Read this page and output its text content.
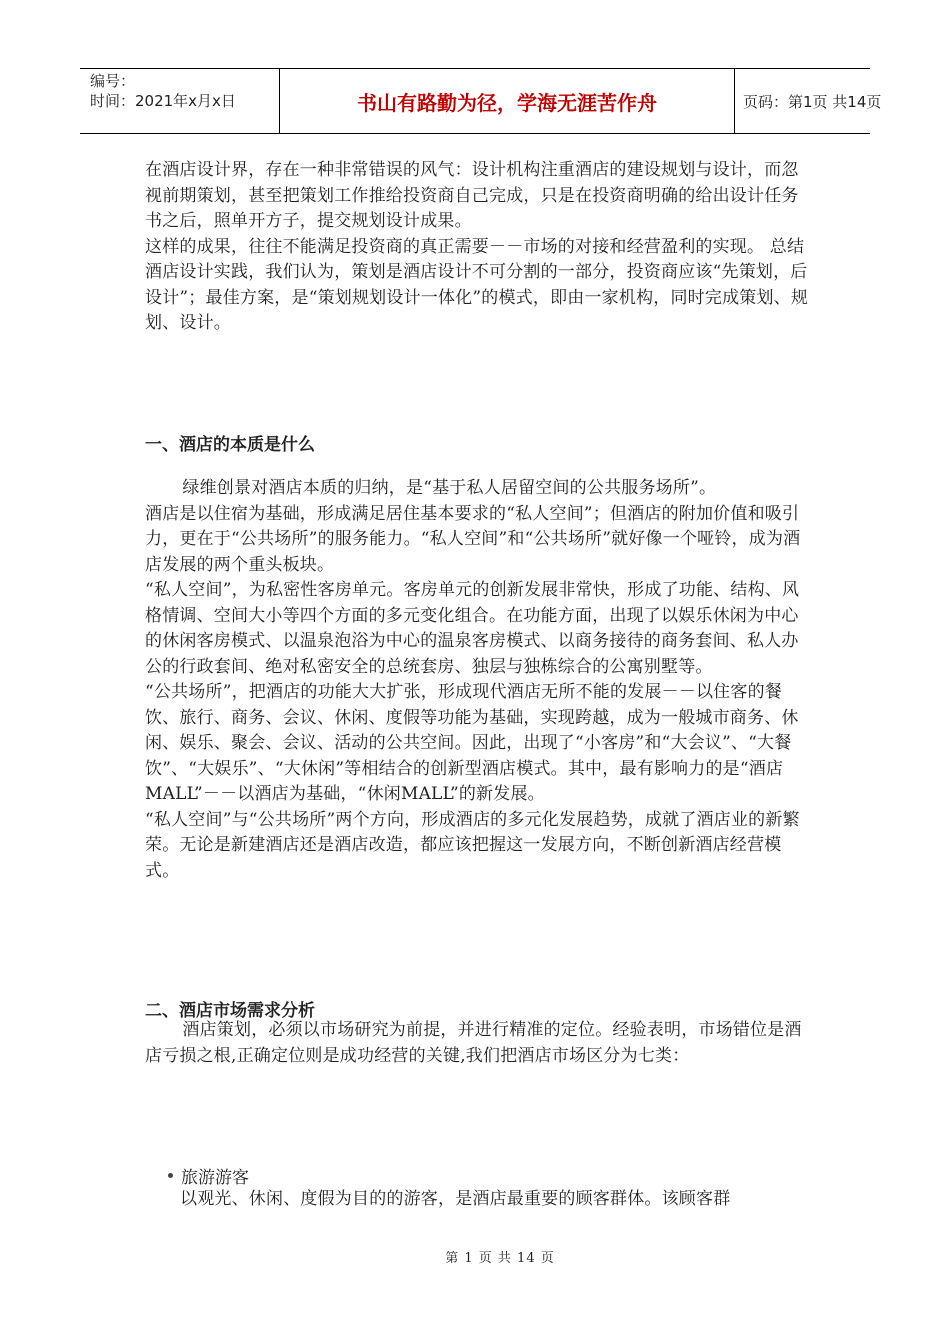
编号：
时间：2021年x月x日	书山有路勤为径，学海无涯苦作舟	页码：第1页 共14页

在酒店设计界，存在一种非常错误的风气：设计机构注重酒店的建设规划与设计，而忽视前期策划，甚至把策划工作推给投资商自己完成，只是在投资商明确的给出设计任务书之后，照单开方子，提交规划设计成果。

这样的成果，往往不能满足投资商的真正需要－－市场的对接和经营盈利的实现。 总结酒店设计实践，我们认为，策划是酒店设计不可分割的一部分，投资商应该“先策划，后设计”；最佳方案，是“策划规划设计一体化”的模式，即由一家机构，同时完成策划、规划、设计。

一、酒店的本质是什么

绿维创景对酒店本质的归纳，是“基于私人居留空间的公共服务场所”。

酒店是以住宿为基础，形成满足居住基本要求的“私人空间”；但酒店的附加价值和吸引力，更在于“公共场所”的服务能力。“私人空间”和“公共场所”就好像一个哑铃，成为酒店发展的两个重头板块。

“私人空间”，为私密性客房单元。客房单元的创新发展非常快，形成了功能、结构、风格情调、空间大小等四个方面的多元变化组合。在功能方面，出现了以娱乐休闲为中心的休闲客房模式、以温泉泡浴为中心的温泉客房模式、以商务接待的商务套间、私人办公的行政套间、绝对私密安全的总统套房、独层与独栋综合的公寓别墅等。

“公共场所”，把酒店的功能大大扩张，形成现代酒店无所不能的发展－－以住客的餐饮、旅行、商务、会议、休闲、度假等功能为基础，实现跨越，成为一般城市商务、休闲、娱乐、聚会、会议、活动的公共空间。因此，出现了“小客房”和“大会议”、“大餐饮”、“大娱乐”、“大休闲”等相结合的创新型酒店模式。其中，最有影响力的是“酒店MALL”－－以酒店为基础，“休闲MALL”的新发展。

“私人空间”与“公共场所”两个方向，形成酒店的多元化发展趋势，成就了酒店业的新繁荣。无论是新建酒店还是酒店改造，都应该把握这一发展方向，不断创新酒店经营模式。

二、酒店市场需求分析

酒店策划，必须以市场研究为前提，并进行精准的定位。经验表明，市场错位是酒店亏损之根,正确定位则是成功经营的关键,我们把酒店市场区分为七类：

旅游游客

以观光、休闲、度假为目的的游客，是酒店最重要的顾客群体。该顾客群

第 1 页 共 14 页
